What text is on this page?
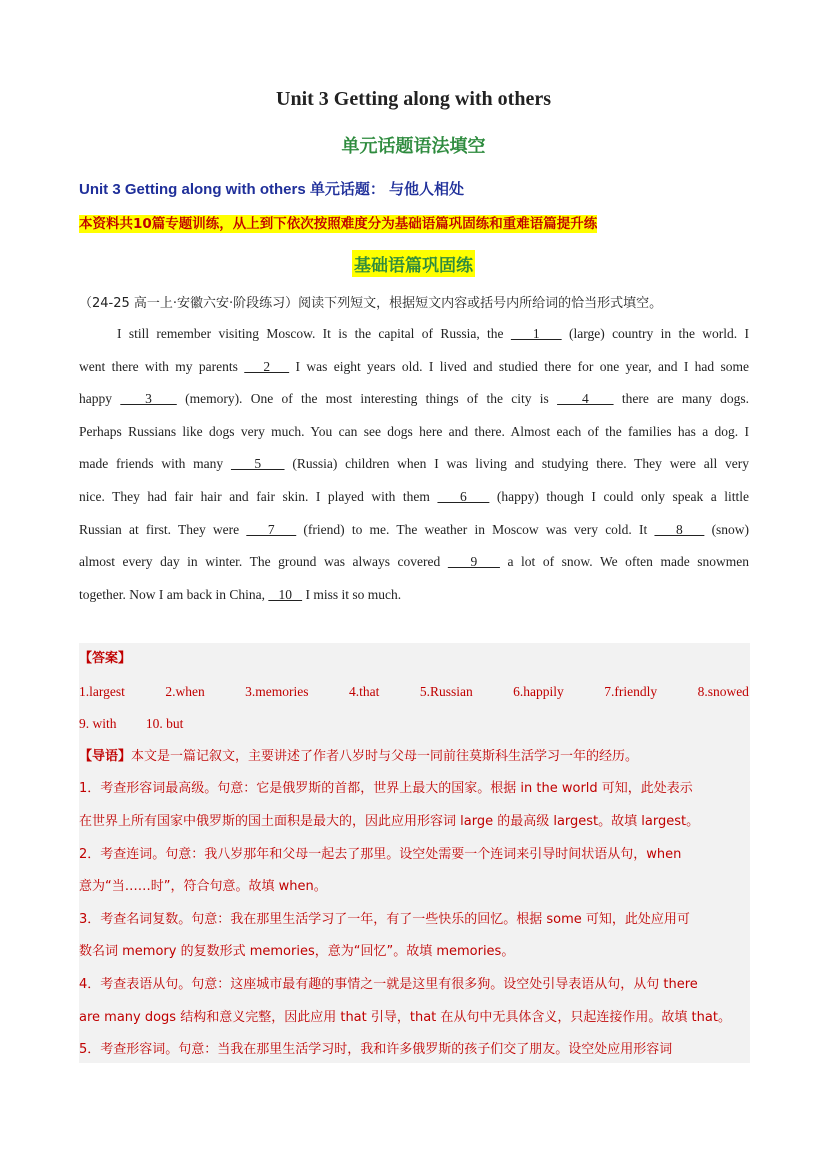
Unit 3 Getting along with others
单元话题语法填空
Unit 3 Getting along with others 单元话题： 与他人相处
本资料共10篇专题训练，从上到下依次按照难度分为基础语篇巩固练和重难语篇提升练
基础语篇巩固练
（24-25 高一上·安徽六安·阶段练习）阅读下列短文，根据短文内容或括号内所给词的恰当形式填空。
I still remember visiting Moscow. It is the capital of Russia, the    1    (large) country in the world. I
went there with my parents    2    I was eight years old. I lived and studied there for one year, and I had some
happy    3    (memory). One of the most interesting things of the city is    4    there are many dogs.
Perhaps Russians like dogs very much. You can see dogs here and there. Almost each of the families has a dog. I
made friends with many    5    (Russia) children when I was living and studying there. They were all very
nice. They had fair hair and fair skin. I played with them    6    (happy) though I could only speak a little
Russian at first. They were    7    (friend) to me. The weather in Moscow was very cold. It    8    (snow)
almost every day in winter. The ground was always covered    9    a lot of snow. We often made snowmen
together. Now I am back in China,    10    I miss it so much.
【答案】
1.largest	2.when	3.memories	4.that	5.Russian	6.happily	7.friendly	8.snowed
9. with 10. but
【导语】本文是一篇记叙文，主要讲述了作者八岁时与父母一同前往莫斯科生活学习一年的经历。
1．考查形容词最高级。句意：它是俄罗斯的首都，世界上最大的国家。根据 in the world 可知，此处表示
在世界上所有国家中俄罗斯的国土面积是最大的，因此应用形容词 large 的最高级 largest。故填 largest。
2．考查连词。句意：我八岁那年和父母一起去了那里。设空处需要一个连词来引导时间状语从句，when
意为“当……时”，符合句意。故填 when。
3．考查名词复数。句意：我在那里生活学习了一年，有了一些快乐的回忆。根据 some 可知，此处应用可
数名词 memory 的复数形式 memories，意为“回忆”。故填 memories。
4．考查表语从句。句意：这座城市最有趣的事情之一就是这里有很多狗。设空处引导表语从句，从句 there
are many dogs 结构和意义完整，因此应用 that 引导，that 在从句中无具体含义，只起连接作用。故填 that。
5．考查形容词。句意：当我在那里生活学习时，我和许多俄罗斯的孩子们交了朋友。设空处应用形容词
